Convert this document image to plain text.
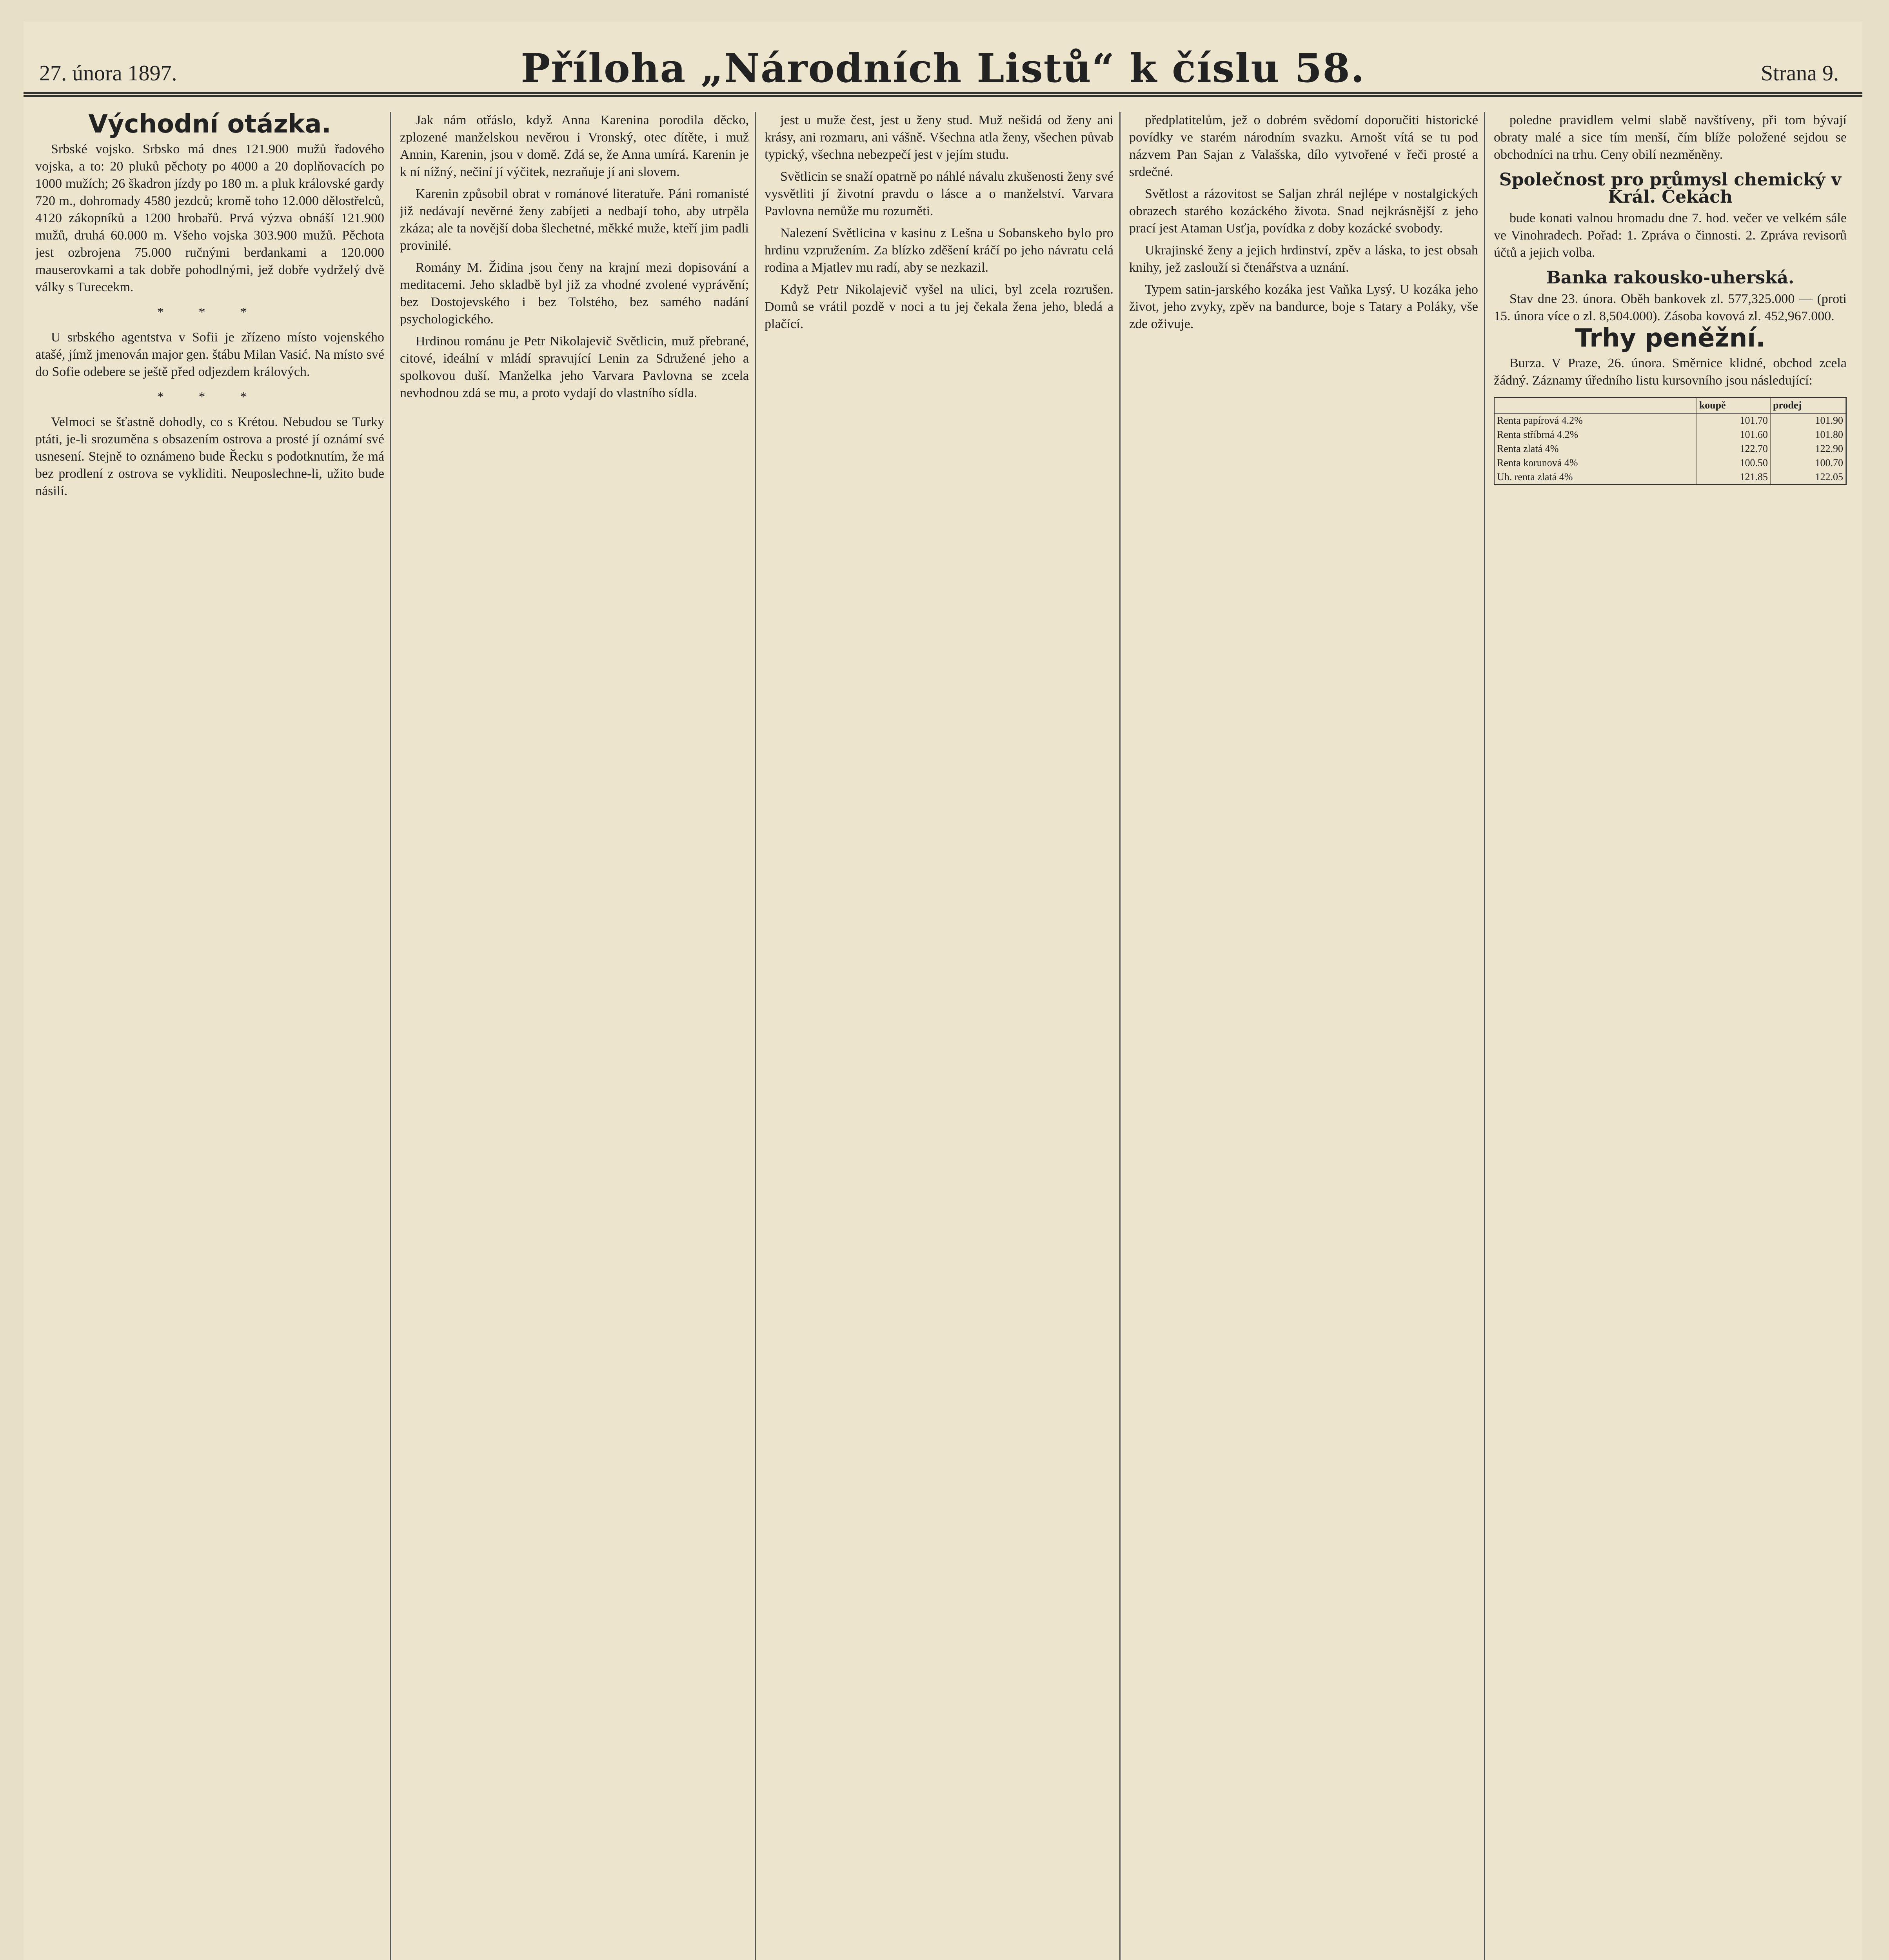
27. února 1897.	Příloha „Národních Listů“ k číslu 58.	Strana 9.
Východní otázka.

Srbské vojsko. Srbsko má dnes 121.900 mužů řadového vojska, a to: 20 pluků pěchoty po 4000 a 20 doplňovacích po 1000 mužích; 26 škadron jízdy po 180 m. a pluk královské gardy 720 m., dohromady 4580 jezdců; kromě toho 12.000 dělostřelců, 4120 zákopníků a 1200 hrobařů. Prvá výzva obnáší 121.900 mužů, druhá 60.000 m. Všeho vojska 303.900 mužů. Pěchota jest ozbrojena 75.000 ručnými berdankami a 120.000 mauserovkami a tak dobře pohodlnými, jež dobře vydrželý dvě války s Turecekm.

* * *

U srbského agentstva v Sofii je zřízeno místo vojenského atašé, jímž jmenován major gen. štábu Milan Vasić. Na místo své do Sofie odebere se ještě před odjezdem králových.

* * *

Velmoci se šťastně dohodly, co s Krétou. Nebudou se Turky ptáti, je-li srozuměna s obsazením ostrova a prosté jí oznámí své usnesení. Stejně to oznámeno bude Řecku s podotknutím, že má bez prodlení z ostrova se vykliditi. Neuposlechne-li, užito bude násilí.

Jak nám otřáslo, když Anna Karenina porodila děcko, zplozené manželskou nevěrou i Vronský, otec dítěte, i muž Annin, Karenin, jsou v domě. Zdá se, že Anna umírá. Karenin je k ní nížný, nečiní jí výčitek, nezraňuje jí ani slovem.

Karenin způsobil obrat v románové literatuře. Páni romanisté již nedávají nevěrné ženy zabíjeti a nedbají toho, aby utrpěla zkáza; ale ta novější doba šlechetné, měkké muže, kteří jim padli provinilé.

Romány M. Židina jsou čeny na krajní mezi dopisování a meditacemi. Jeho skladbě byl již za vhodné zvolené vyprávění; bez Dostojevského i bez Tolstého, bez samého nadání psychologického.

Hrdinou románu je Petr Nikolajevič Světlicin, muž přebrané, citové, ideální v mládí spravující Lenin za Sdružené jeho a spolkovou duší. Manželka jeho Varvara Pavlovna se zcela nevhodnou zdá se mu, a proto vydají do vlastního sídla.

jest u muže čest, jest u ženy stud. Muž nešidá od ženy ani krásy, ani rozmaru, ani vášně. Všechna atla ženy, všechen půvab typický, všechna nebezpečí jest v jejím studu.

Světlicin se snaží opatrně po náhlé návalu zkušenosti ženy své vysvětliti jí životní pravdu o lásce a o manželství. Varvara Pavlovna nemůže mu rozuměti.

Nalezení Světlicina v kasinu z Lešna u Sobanskeho bylo pro hrdinu vzpružením. Za blízko zděšení kráčí po jeho návratu celá rodina a Mjatlev mu radí, aby se nezkazil.

Když Petr Nikolajevič vyšel na ulici, byl zcela rozrušen. Domů se vrátil pozdě v noci a tu jej čekala žena jeho, bledá a plačící.

předplatitelům, jež o dobrém svědomí doporučiti historické povídky ve starém národním svazku. Arnošt vítá se tu pod názvem Pan Sajan z Valašska, dílo vytvořené v řeči prosté a srdečné.

Světlost a rázovitost se Saljan zhrál nejlépe v nostalgických obrazech starého kozáckého života. Snad nejkrásnější z jeho prací jest Ataman Usťja, povídka z doby kozácké svobody.

Ukrajinské ženy a jejich hrdinství, zpěv a láska, to jest obsah knihy, jež zaslouží si čtenářstva a uznání.

Typem satin-jarského kozáka jest Vaňka Lysý. U kozáka jeho život, jeho zvyky, zpěv na bandurce, boje s Tatary a Poláky, vše zde oživuje.

poledne pravidlem velmi slabě navštíveny, při tom bývají obraty malé a sice tím menší, čím blíže položené sejdou se obchodníci na trhu. Ceny obilí nezměněny.

Společnost pro průmysl chemický v Král. Čekách

bude konati valnou hromadu dne 7. hod. večer ve velkém sále ve Vinohradech. Pořad: 1. Zpráva o činnosti. 2. Zpráva revisorů účtů a jejich volba.

Banka rakousko-uherská.

Stav dne 23. února. Oběh bankovek zl. 577,325.000 — (proti 15. února více o zl. 8,504.000). Zásoba kovová zl. 452,967.000.

Trhy peněžní.

Burza. V Praze, 26. února. Směrnice klidné, obchod zcela žádný. Záznamy úředního listu kursovního jsou následující:

	koupě	prodej
Renta papírová 4.2%	101.70	101.90
Renta stříbrná 4.2%	101.60	101.80
Renta zlatá 4%	122.70	122.90
Renta korunová 4%	100.50	100.70
Uh. renta zlatá 4%	121.85	122.05
